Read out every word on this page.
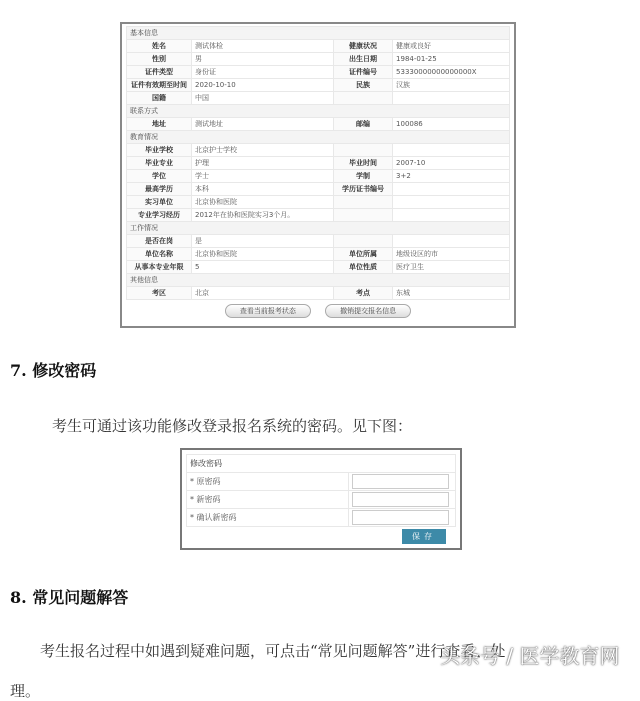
基本信息			
姓名	测试体检	健康状况	健康或良好
性别	男	出生日期	1984-01-25
证件类型	身份证	证件编号	53330000000000000X
证件有效期至时间	2020-10-10	民族	汉族
国籍	中国		
联系方式			
地址	测试地址	邮编	100086
教育情况			
毕业学校	北京护士学校		
毕业专业	护理	毕业时间	2007-10
学位	学士	学制	3+2
最高学历	本科	学历证书编号	
实习单位	北京协和医院		
专业学习经历	2012年在协和医院实习3个月。		
工作情况			
是否在岗	是		
单位名称	北京协和医院	单位所属	地级设区的市
从事本专业年限	5	单位性质	医疗卫生
其他信息			
考区	北京	考点	东城
查看当前报考状态	撤销提交报名信息
7. 修改密码

考生可通过该功能修改登录报名系统的密码。见下图：

修改密码	
* 原密码	

* 新密码	

* 确认新密码	
保存
8. 常见问题解答

考生报名过程中如遇到疑难问题，可点击“常见问题解答”进行查看、处

理。

头条号 / 医学教育网
